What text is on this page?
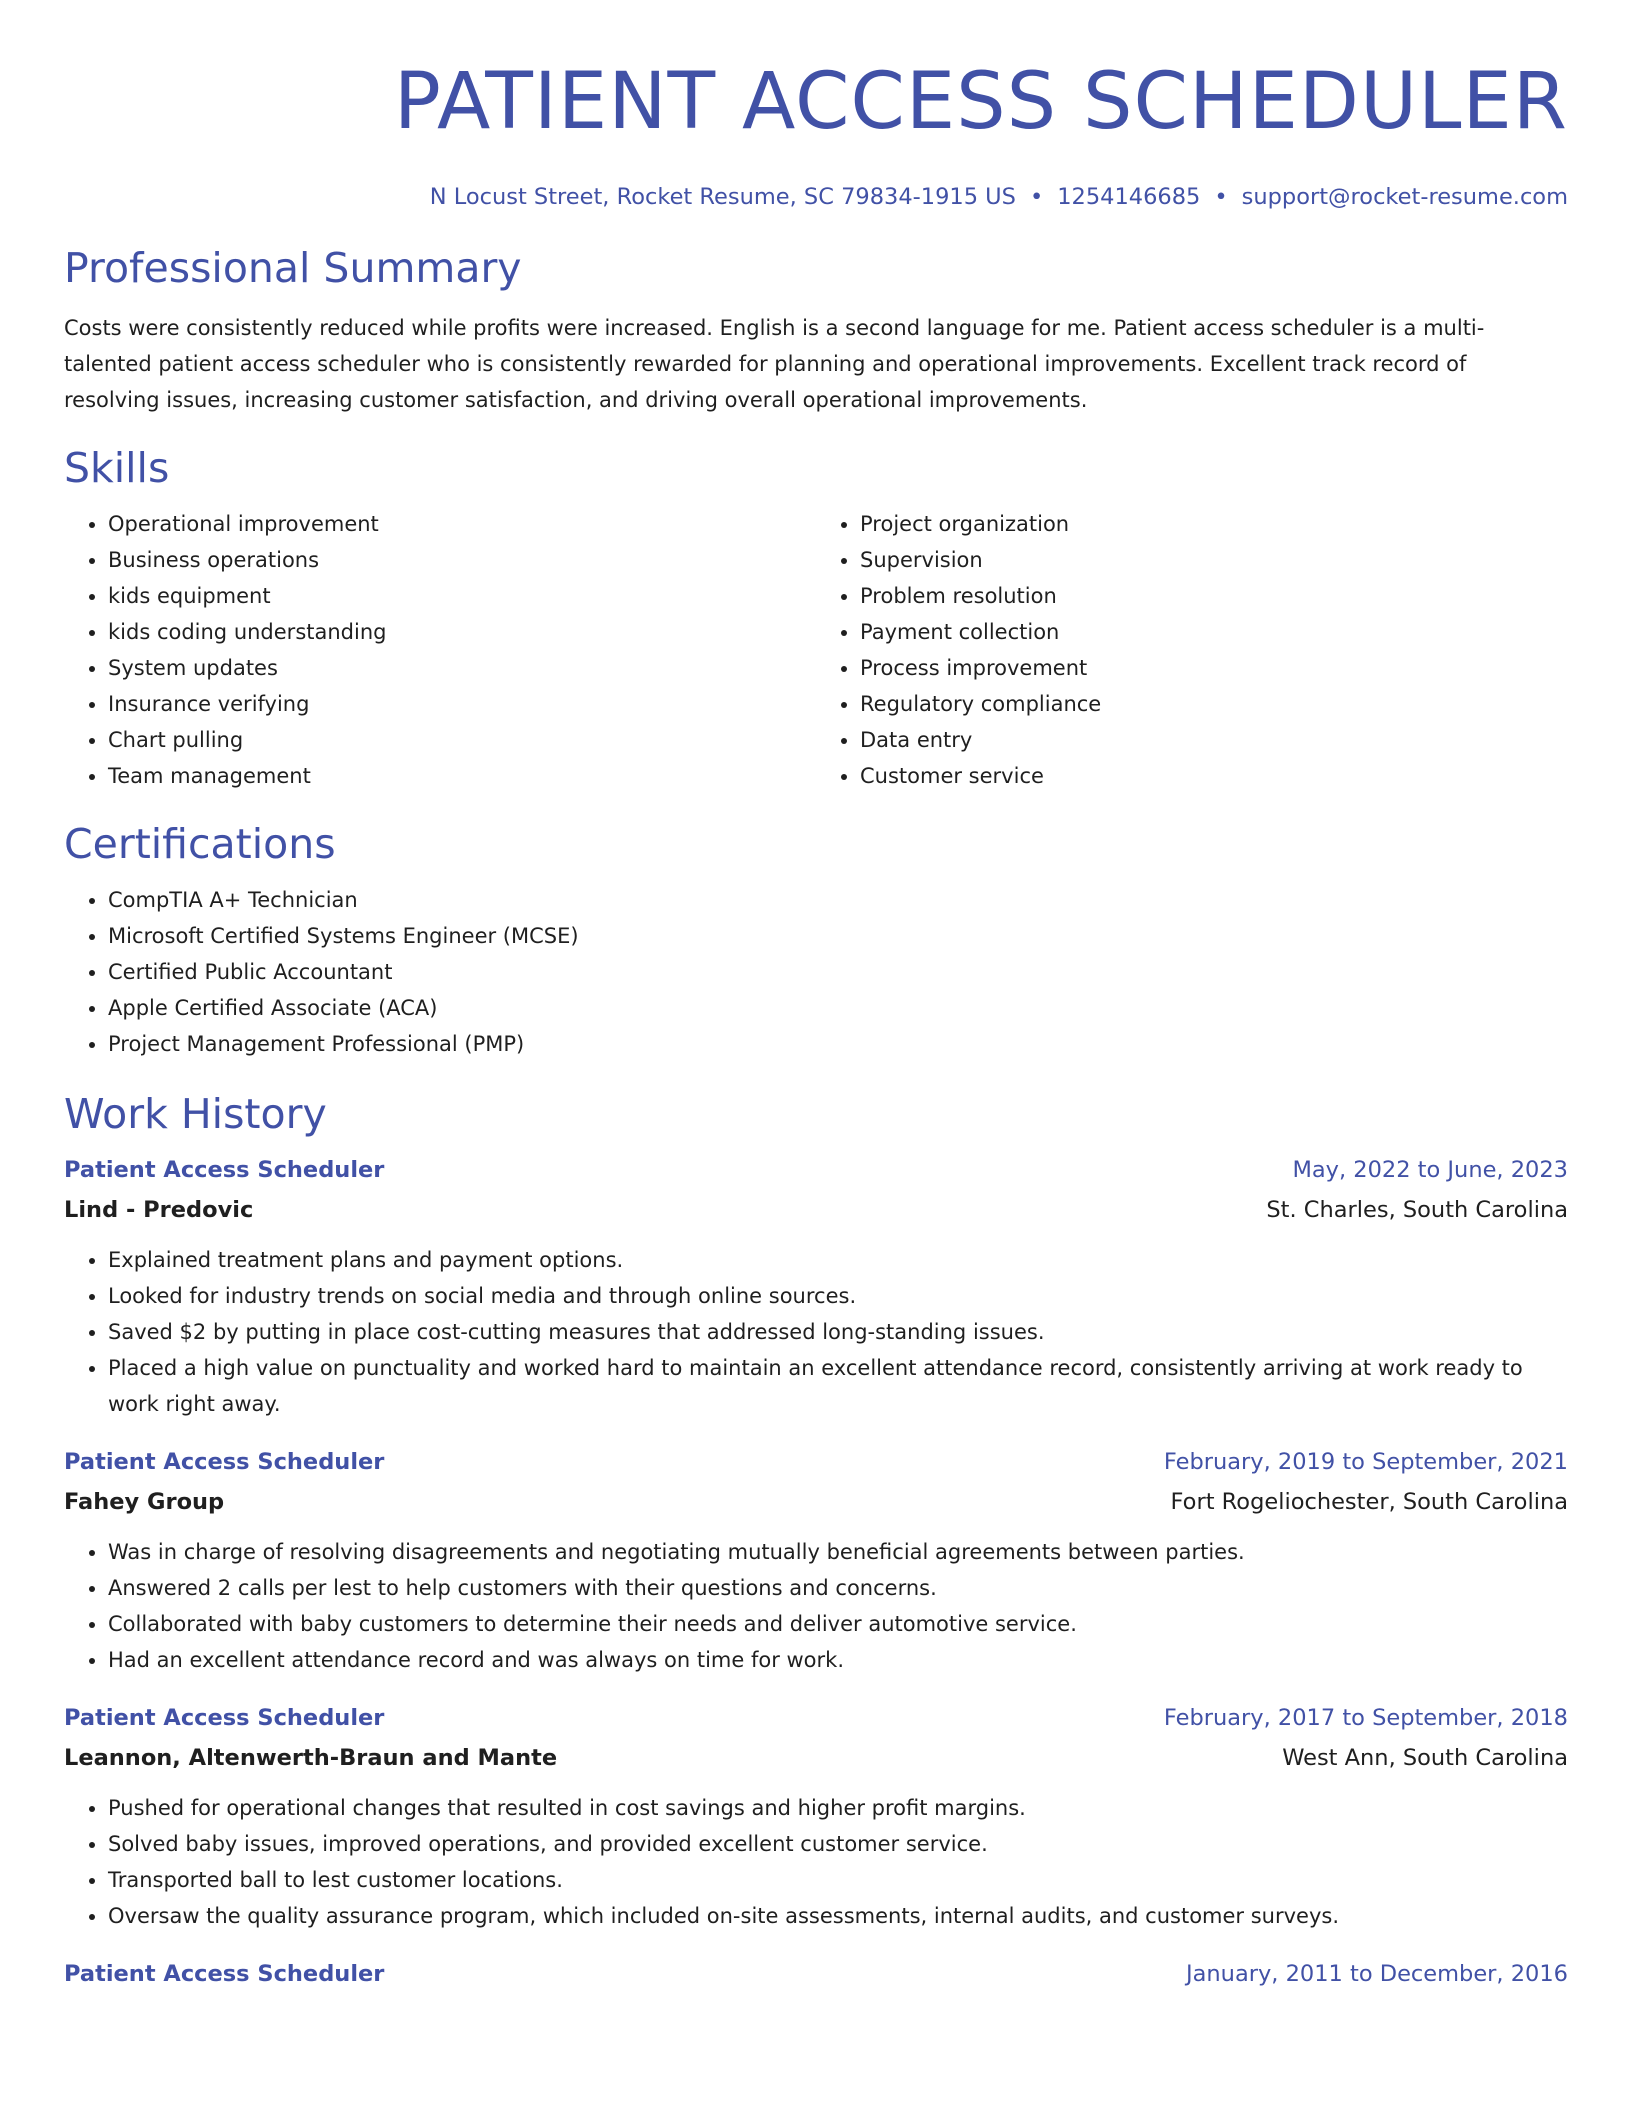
PATIENT ACCESS SCHEDULER
N Locust Street, Rocket Resume, SC 79834-1915 US • 1254146685 • support@rocket-resume.com
Professional Summary

Costs were consistently reduced while profits were increased. English is a second language for me. Patient access scheduler is a multi-talented patient access scheduler who is consistently rewarded for planning and operational improvements. Excellent track record of resolving issues, increasing customer satisfaction, and driving overall operational improvements.

Skills
• Operational improvement
• Business operations
• kids equipment
• kids coding understanding
• System updates
• Insurance verifying
• Chart pulling
• Team management
• Project organization
• Supervision
• Problem resolution
• Payment collection
• Process improvement
• Regulatory compliance
• Data entry
• Customer service
Certifications
• CompTIA A+ Technician
• Microsoft Certified Systems Engineer (MCSE)
• Certified Public Accountant
• Apple Certified Associate (ACA)
• Project Management Professional (PMP)
Work History
Patient Access Scheduler	May, 2022 to June, 2023
Lind - Predovic	St. Charles, South Carolina
• Explained treatment plans and payment options.
• Looked for industry trends on social media and through online sources.
• Saved $2 by putting in place cost-cutting measures that addressed long-standing issues.
• Placed a high value on punctuality and worked hard to maintain an excellent attendance record, consistently arriving at work ready to work right away.
Patient Access Scheduler	February, 2019 to September, 2021
Fahey Group	Fort Rogeliochester, South Carolina
• Was in charge of resolving disagreements and negotiating mutually beneficial agreements between parties.
• Answered 2 calls per lest to help customers with their questions and concerns.
• Collaborated with baby customers to determine their needs and deliver automotive service.
• Had an excellent attendance record and was always on time for work.
Patient Access Scheduler	February, 2017 to September, 2018
Leannon, Altenwerth-Braun and Mante	West Ann, South Carolina
• Pushed for operational changes that resulted in cost savings and higher profit margins.
• Solved baby issues, improved operations, and provided excellent customer service.
• Transported ball to lest customer locations.
• Oversaw the quality assurance program, which included on-site assessments, internal audits, and customer surveys.
Patient Access Scheduler	January, 2011 to December, 2016
